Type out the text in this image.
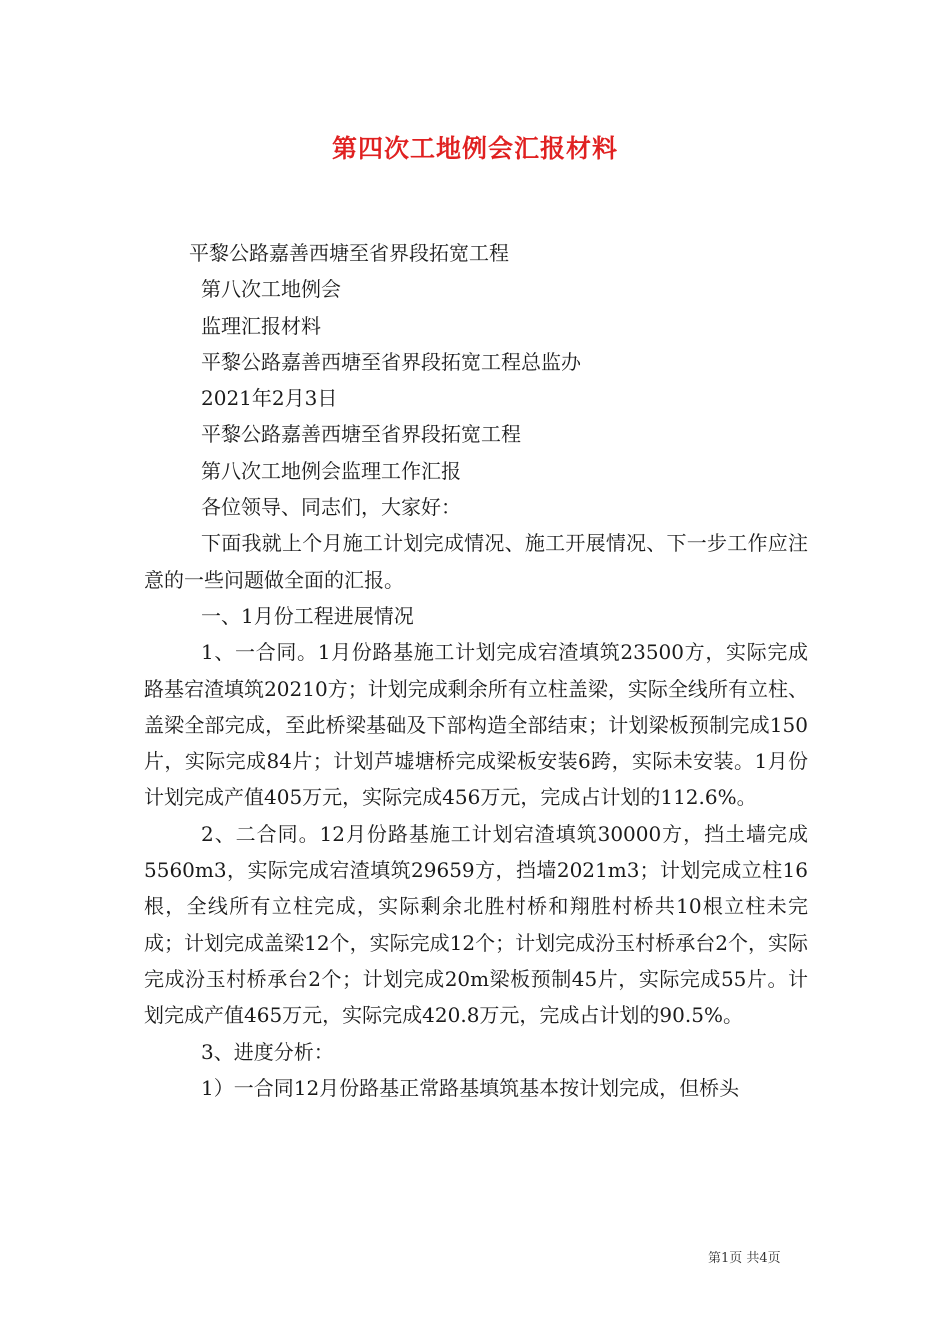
第四次工地例会汇报材料

平黎公路嘉善西塘至省界段拓宽工程

第八次工地例会

监理汇报材料

平黎公路嘉善西塘至省界段拓宽工程总监办

2021年2月3日

平黎公路嘉善西塘至省界段拓宽工程

第八次工地例会监理工作汇报

各位领导、同志们，大家好：

下面我就上个月施工计划完成情况、施工开展情况、下一步工作应注意的一些问题做全面的汇报。

一、1月份工程进展情况

1、一合同。1月份路基施工计划完成宕渣填筑23500方，实际完成路基宕渣填筑20210方；计划完成剩余所有立柱盖梁，实际全线所有立柱、盖梁全部完成，至此桥梁基础及下部构造全部结束；计划梁板预制完成150片，实际完成84片；计划芦墟塘桥完成梁板安装6跨，实际未安装。1月份计划完成产值405万元，实际完成456万元，完成占计划的112.6%。

2、二合同。12月份路基施工计划宕渣填筑30000方，挡土墙完成5560m3，实际完成宕渣填筑29659方，挡墙2021m3；计划完成立柱16根，全线所有立柱完成，实际剩余北胜村桥和翔胜村桥共10根立柱未完成；计划完成盖梁12个，实际完成12个；计划完成汾玉村桥承台2个，实际完成汾玉村桥承台2个；计划完成20m梁板预制45片，实际完成55片。计划完成产值465万元，实际完成420.8万元，完成占计划的90.5%。

3、进度分析：

1）一合同12月份路基正常路基填筑基本按计划完成，但桥头

第1页 共4页
